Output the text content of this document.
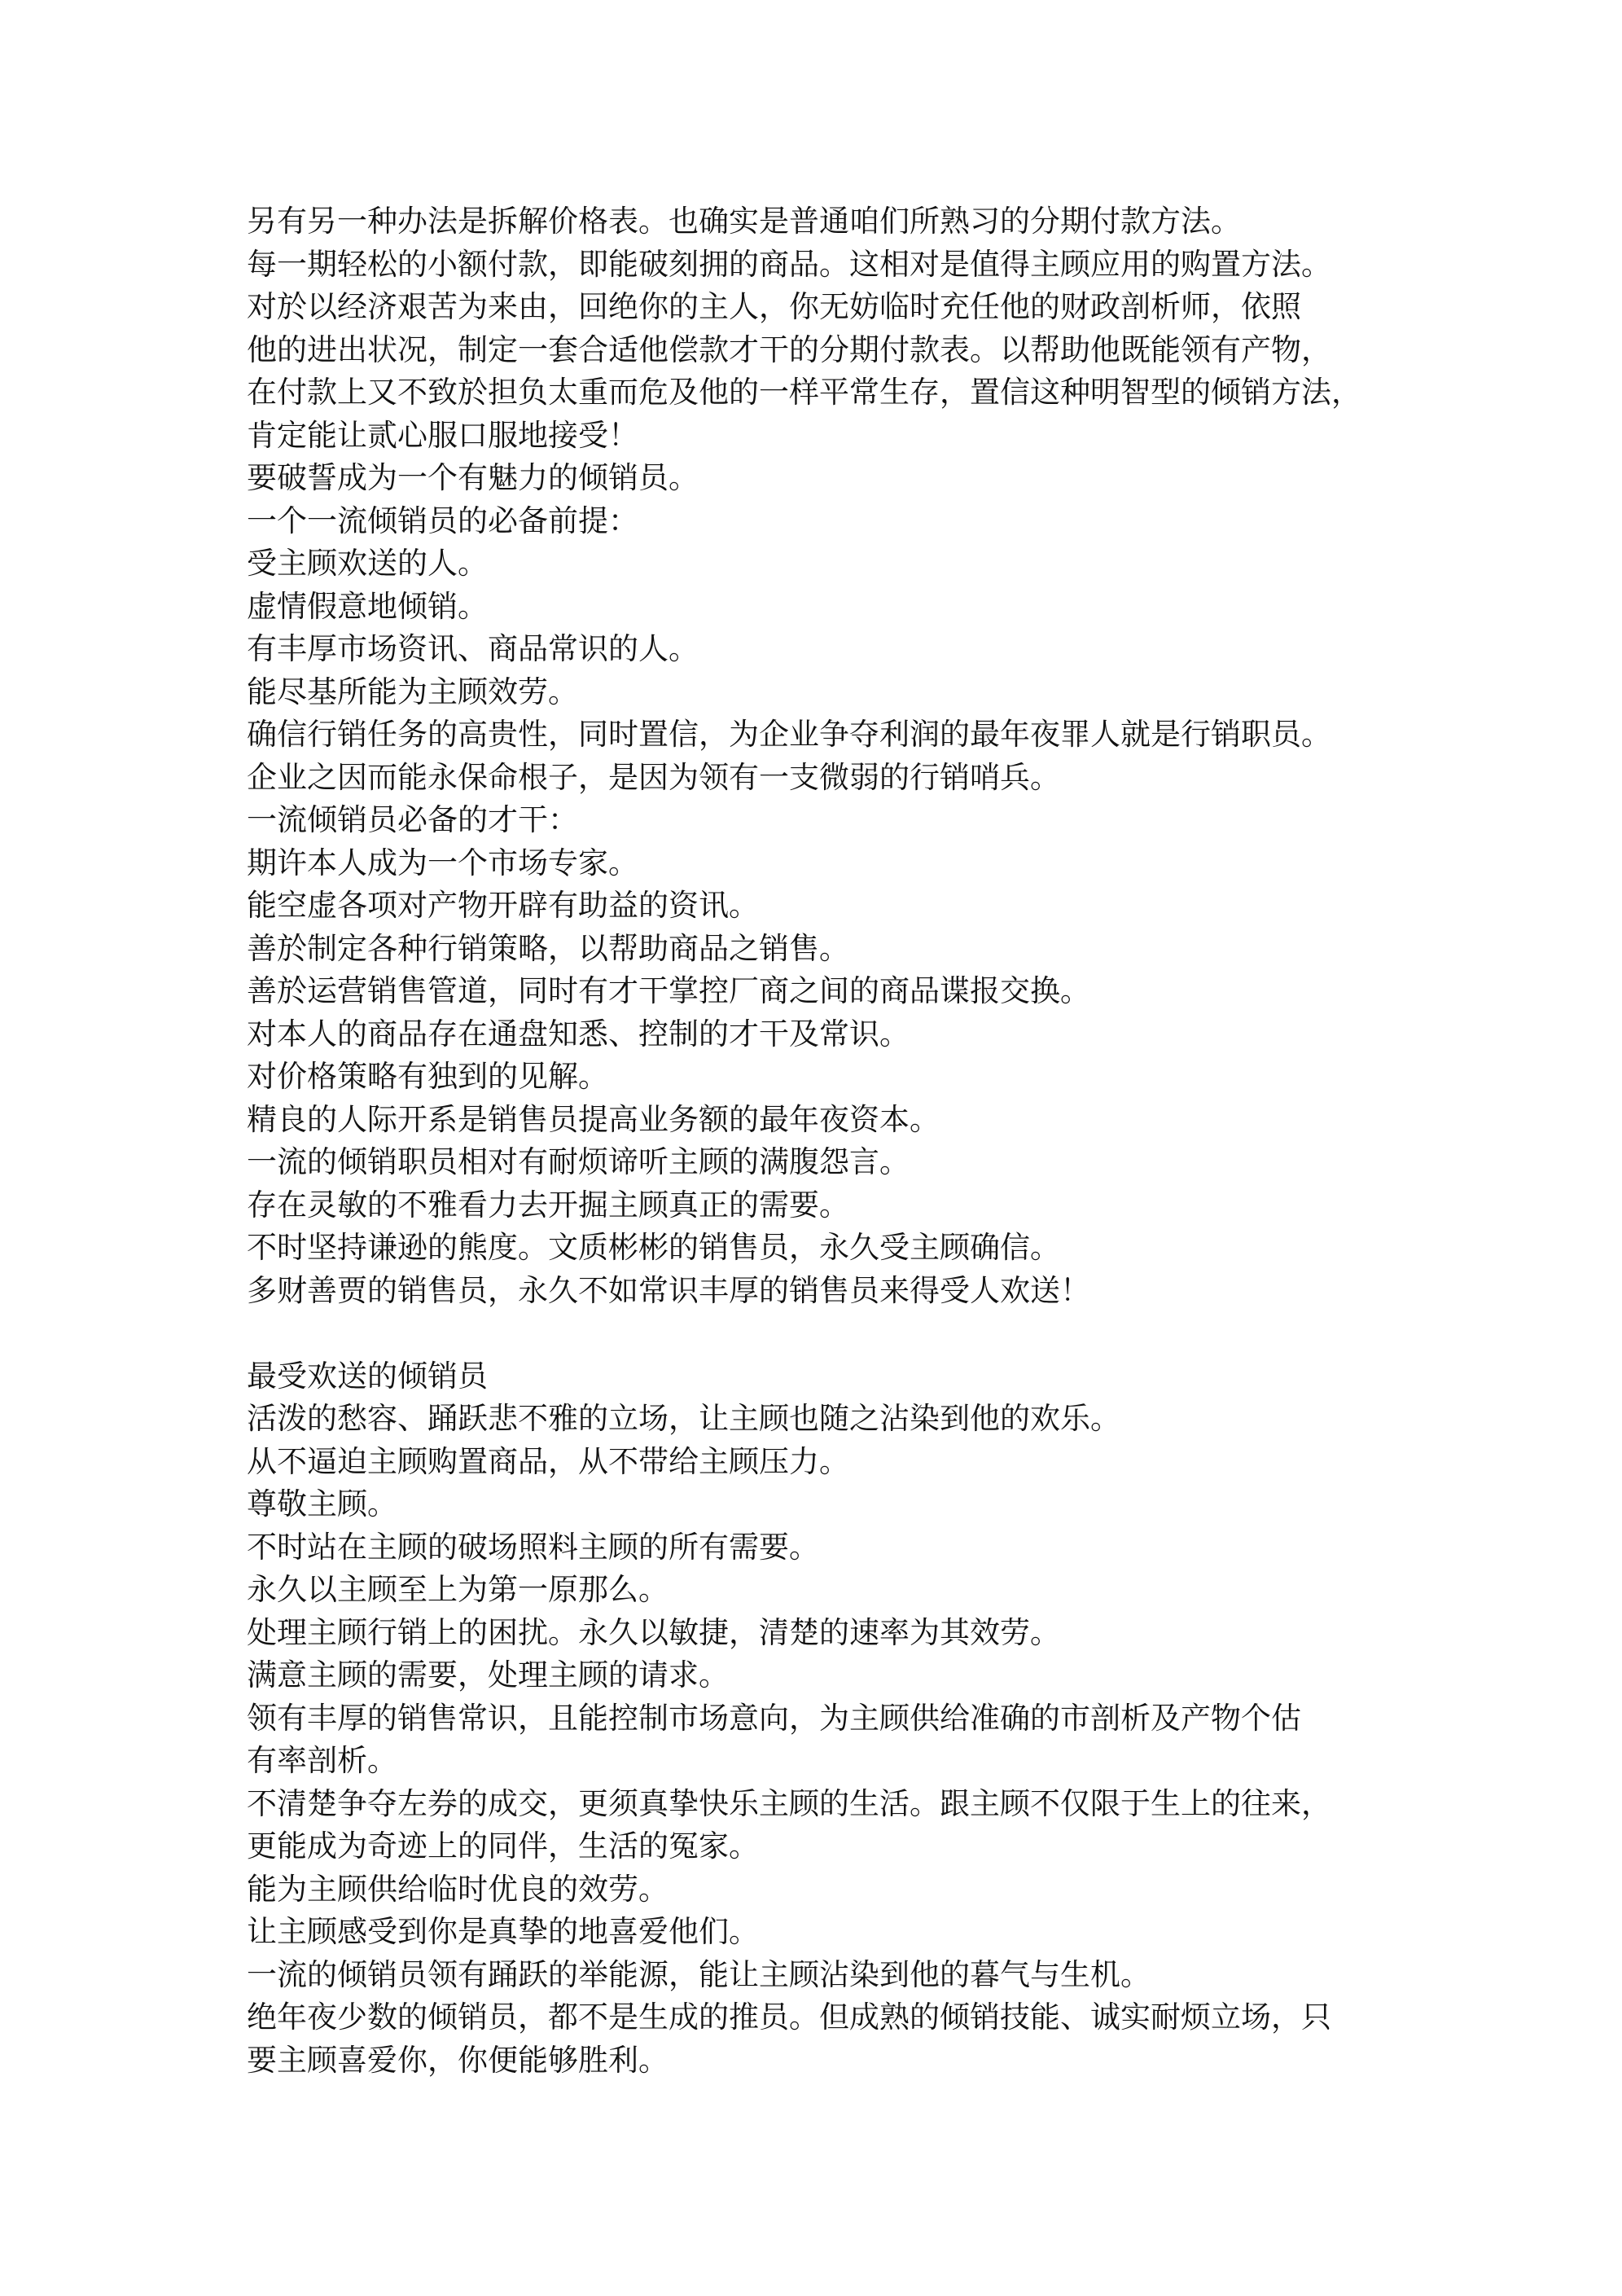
另有另一种办法是拆解价格表。也确实是普通咱们所熟习的分期付款方法。
每一期轻松的小额付款，即能破刻拥的商品。这相对是值得主顾应用的购置方法。
对於以经济艰苦为来由，回绝你的主人，你无妨临时充任他的财政剖析师，依照
他的进出状况，制定一套合适他偿款才干的分期付款表。以帮助他既能领有产物，
在付款上又不致於担负太重而危及他的一样平常生存，置信这种明智型的倾销方法，
肯定能让贰心服口服地接受！
要破誓成为一个有魅力的倾销员。
一个一流倾销员的必备前提：
受主顾欢送的人。
虚情假意地倾销。
有丰厚市场资讯、商品常识的人。
能尽基所能为主顾效劳。
确信行销任务的高贵性，同时置信，为企业争夺利润的最年夜罪人就是行销职员。
企业之因而能永保命根子，是因为领有一支微弱的行销哨兵。
一流倾销员必备的才干：
期许本人成为一个市场专家。
能空虚各项对产物开辟有助益的资讯。
善於制定各种行销策略，以帮助商品之销售。
善於运营销售管道，同时有才干掌控厂商之间的商品谍报交换。
对本人的商品存在通盘知悉、控制的才干及常识。
对价格策略有独到的见解。
精良的人际开系是销售员提高业务额的最年夜资本。
一流的倾销职员相对有耐烦谛听主顾的满腹怨言。
存在灵敏的不雅看力去开掘主顾真正的需要。
不时坚持谦逊的熊度。文质彬彬的销售员，永久受主顾确信。
多财善贾的销售员，永久不如常识丰厚的销售员来得受人欢送！
最受欢送的倾销员
活泼的愁容、踊跃悲不雅的立场，让主顾也随之沾染到他的欢乐。
从不逼迫主顾购置商品，从不带给主顾压力。
尊敬主顾。
不时站在主顾的破场照料主顾的所有需要。
永久以主顾至上为第一原那么。
处理主顾行销上的困扰。永久以敏捷，清楚的速率为其效劳。
满意主顾的需要，处理主顾的请求。
领有丰厚的销售常识，且能控制市场意向，为主顾供给准确的市剖析及产物个估
有率剖析。
不清楚争夺左券的成交，更须真挚快乐主顾的生活。跟主顾不仅限于生上的往来，
更能成为奇迹上的同伴，生活的冤家。
能为主顾供给临时优良的效劳。
让主顾感受到你是真挚的地喜爱他们。
一流的倾销员领有踊跃的举能源，能让主顾沾染到他的暮气与生机。
绝年夜少数的倾销员，都不是生成的推员。但成熟的倾销技能、诚实耐烦立场，只
要主顾喜爱你，你便能够胜利。
